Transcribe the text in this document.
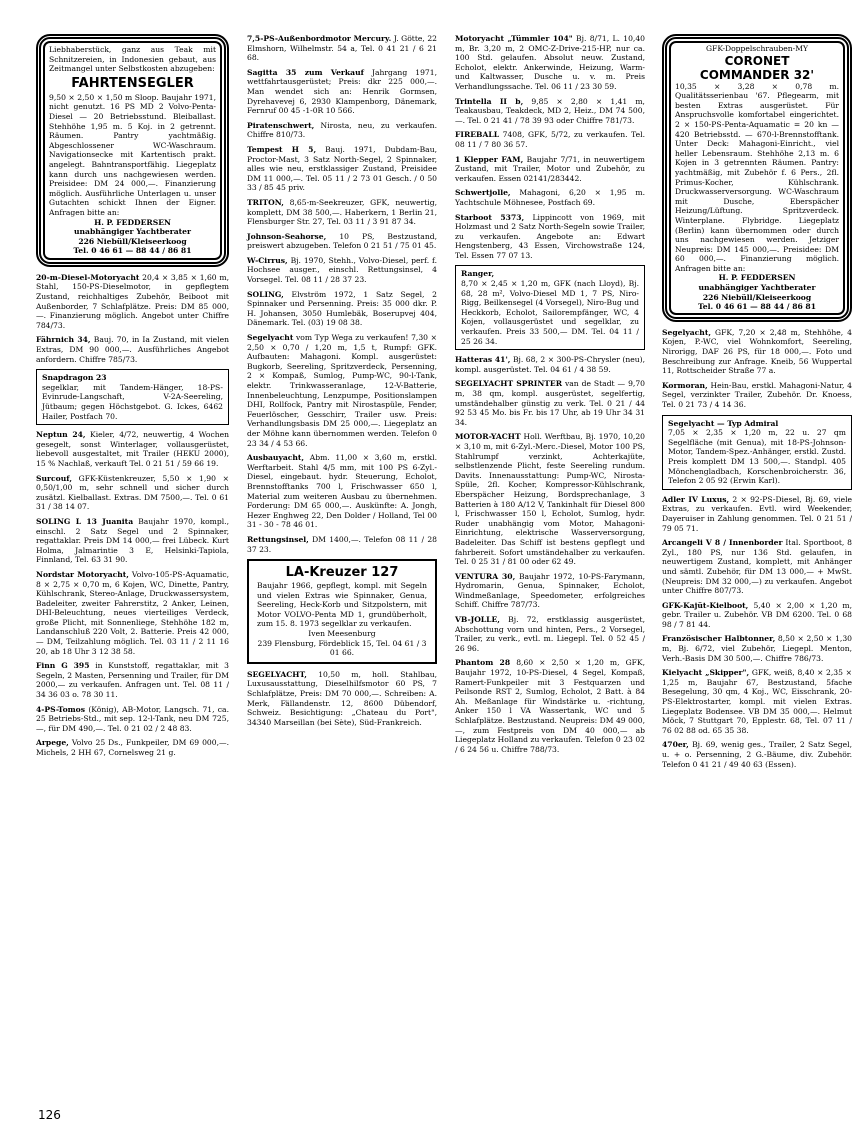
Liebhaberstück, ganz aus Teak mit Schnitzereien, in Indonesien gebaut, aus Zeitmangel unter Selbstkosten abzugeben:
FAHRTENSEGLER
9,50 × 2,50 × 1,50 m Sloop. Baujahr 1971, nicht genutzt. 16 PS MD 2 Volvo-Penta-Diesel — 20 Betriebsstund. Bleiballast. Stehhöhe 1,95 m. 5 Koj. in 2 getrennt. Räumen. Pantry yachtmäßig. Abgeschlossener WC-Waschraum. Navigationsecke mit Kartentisch prakt. angelegt. Bahntransportfähig. Liegeplatz kann durch uns nachgewiesen werden. Preisidee: DM 24 000,—. Finanzierung möglich. Ausführliche Unterlagen u. unser Gutachten schickt Ihnen der Eigner. Anfragen bitte an:
H. P. FEDDERSEN
unabhängiger Yachtberater
226 Niebüll/Kleiseerkoog
Tel. 0 46 61 — 88 44 / 86 81
20-m-Diesel-Motoryacht 20,4 × 3,85 × 1,60 m, Stahl, 150-PS-Dieselmotor, in gepflegtem Zustand, reichhaltiges Zubehör, Beiboot mit Außenborder, 7 Schlafplätze. Preis: DM 85 000,—. Finanzierung möglich. Angebot unter Chiffre 784/73.
Fährnich 34, Bauj. 70, in Ia Zustand, mit vielen Extras, DM 90 000,—. Ausführliches Angebot anfordern. Chiffre 785/73.
Snapdragon 23
segelklar, mit Tandem-Hänger, 18-PS-Evinrude-Langschaft, V-2A-Seereling, Jütbaum; gegen Höchstgebot. G. Ickes, 6462 Hailer, Postfach 70.
Neptun 24, Kieler, 4/72, neuwertig, 4 Wochen gesegelt, sonst Winterlager, vollausgerüstet, liebevoll ausgestaltet, mit Trailer (HEKU 2000), 15 % Nachlaß, verkauft Tel. 0 21 51 / 59 66 19.
Surcouf, GFK-Küstenkreuzer, 5,50 × 1,90 × 0,50/1,00 m, sehr schnell und sicher durch zusätzl. Kielballast. Extras. DM 7500,—. Tel. 0 61 31 / 38 14 07.
SOLING L 13 Juanita Baujahr 1970, kompl., einschl. 2 Satz Segel und 2 Spinnaker, regattaklar. Preis DM 14 000,— frei Lübeck. Kurt Holma, Jalmarintie 3 E, Helsinki-Tapiola, Finnland, Tel. 63 31 90.
Nordstar Motoryacht, Volvo-105-PS-Aquamatic, 8 × 2,75 × 0,70 m, 6 Kojen, WC, Dinette, Pantry, Kühlschrank, Stereo-Anlage, Druckwassersystem, Badeleiter, zweiter Fahrerstitz, 2 Anker, Leinen, DHI-Beleuchtung, neues vierteiliges Verdeck, große Plicht, mit Sonnenliege, Stehhöhe 182 m, Landanschluß 220 Volt, 2. Batterie. Preis 42 000,— DM, Teilzahlung möglich. Tel. 03 11 / 2 11 16 20, ab 18 Uhr 3 12 38 58.
Finn G 395 in Kunststoff, regattaklar, mit 3 Segeln, 2 Masten, Persenning und Trailer, für DM 2000,— zu verkaufen. Anfragen unt. Tel. 08 11 / 34 36 03 o. 78 30 11.
4-PS-Tomos (König), AB-Motor, Langsch. 71, ca. 25 Betriebs-Std., mit sep. 12-l-Tank, neu DM 725,—, für DM 490,—. Tel. 0 21 02 / 2 48 83.
Arpege, Volvo 25 Ds., Funkpeiler, DM 69 000,—. Michels, 2 HH 67, Cornelsweg 21 g.
7,5-PS-Außenbordmotor Mercury. J. Götte, 22 Elmshorn, Wilhelmstr. 54 a, Tel. 0 41 21 / 6 21 68.
Sagitta 35 zum Verkauf Jahrgang 1971, wettfahrtausgerüstet; Preis: dkr 225 000,—. Man wendet sich an: Henrik Gormsen, Dyrehavevej 6, 2930 Klampenborg, Dänemark, Fernruf 00 45 -1-0R 10 566.
Piratenschwert, Nirosta, neu, zu verkaufen. Chiffre 810/73.
Tempest H 5, Bauj. 1971, Dubdam-Bau, Proctor-Mast, 3 Satz North-Segel, 2 Spinnaker, alles wie neu, erstklassiger Zustand, Preisidee DM 11 000,—. Tel. 05 11 / 2 73 01 Gesch. / 0 50 33 / 85 45 priv.
TRITON, 8,65-m-Seekreuzer, GFK, neuwertig, komplett, DM 38 500,—. Haberkern, 1 Berlin 21, Flensburger Str. 27, Tel. 03 11 / 3 91 87 34.
Johnson-Seahorse, 10 PS, Bestzustand, preiswert abzugeben. Telefon 0 21 51 / 75 01 45.
W-Cirrus, Bj. 1970, Stehh., Volvo-Diesel, perf. f. Hochsee ausger., einschl. Rettungsinsel, 4 Vorsegel. Tel. 08 11 / 28 37 23.
SOLING, Elvström 1972, 1 Satz Segel, 2 Spinnaker und Persenning. Preis: 35 000 dkr. P. H. Johansen, 3050 Humlebäk, Boserupvej 404, Dänemark. Tel. (03) 19 08 38.
Segelyacht vom Typ Wega zu verkaufen! 7,30 × 2,50 × 0,70 / 1,20 m, 1,5 t, Rumpf: GFK. Aufbauten: Mahagoni. Kompl. ausgerüstet: Bugkorb, Seereling, Spritzverdeck, Persenning, 2 × Kompaß, Sumlog, Pump-WC, 90-l-Tank, elektr. Trinkwasseranlage, 12-V-Batterie, Innenbeleuchtung, Lenzpumpe, Positionslampen DHI, Rollfock, Pantry mit Nirostaspüle, Fender, Feuerlöscher, Gesschirr, Trailer usw. Preis: Verhandlungsbasis DM 25 000,—. Liegeplatz an der Möhne kann übernommen werden. Telefon 0 23 34 / 4 53 66.
Ausbauyacht, Abm. 11,00 × 3,60 m, erstkl. Werftarbeit. Stahl 4/5 mm, mit 100 PS 6-Zyl.-Diesel, eingebaut. hydr. Steuerung, Echolot, Brennstofftanks 700 l, Frischwasser 650 l, Material zum weiteren Ausbau zu übernehmen. Forderung: DM 65 000,—. Auskünfte: A. Jongh, Hezer Enghweg 22, Den Dolder / Holland, Tel 00 31 - 30 - 78 46 01.
Rettungsinsel, DM 1400,—. Telefon 08 11 / 28 37 23.
LA-Kreuzer 127
Baujahr 1966, gepflegt, kompl. mit Segeln und vielen Extras wie Spinnaker, Genua, Seereling, Heck-Korb und Sitzpolstern, mit Motor VOLVO-Penta MD 1, grundüberholt, zum 15. 8. 1973 segelklar zu verkaufen.
Iven Meesenburg
239 Flensburg, Fördeblick 15, Tel. 04 61 / 3 01 66.
SEGELYACHT, 10,50 m, holl. Stahlbau, Luxusausstattung, Dieselhilfsmotor 60 PS, 7 Schlafplätze, Preis: DM 70 000,—. Schreiben: A. Merk, Fällandenstr. 12, 8600 Dübendorf, Schweiz. Besichtigung: „Chateau du Port", 34340 Marseillan (bei Sète), Süd-Frankreich.
Motoryacht „Tümmler 104" Bj. 8/71, L. 10,40 m, Br. 3,20 m, 2 OMC-Z-Drive-215-HP, nur ca. 100 Std. gelaufen. Absolut neuw. Zustand, Echolot, elektr. Ankerwinde, Heizung, Warm- und Kaltwasser, Dusche u. v. m. Preis Verhandlungssache. Tel. 06 11 / 23 30 59.
Trintella II b, 9,85 × 2,80 × 1,41 m, Teakausbau, Teakdeck, MD 2, Heiz., DM 74 500,—. Tel. 0 21 41 / 78 39 93 oder Chiffre 781/73.
FIREBALL 7408, GFK, 5/72, zu verkaufen. Tel. 08 11 / 7 80 36 57.
1 Klepper FAM, Baujahr 7/71, in neuwertigem Zustand, mit Trailer, Motor und Zubehör, zu verkaufen. Essen 02141/283442.
Schwertjolle, Mahagoni, 6,20 × 1,95 m. Yachtschule Möhnesee, Postfach 69.
Starboot 5373, Lippincott von 1969, mit Holzmast und 2 Satz North-Segeln sowie Trailer, zu verkaufen. Angebote an: Edwart Hengstenberg, 43 Essen, Virchowstraße 124, Tel. Essen 77 07 13.
Ranger,
8,70 × 2,45 × 1,20 m, GFK (nach Lloyd), Bj. 68, 28 m², Volvo-Diesel MD 1, 7 PS, Niro-Rigg, Beilkensegel (4 Vorsegel), Niro-Bug und Heckkorb, Echolot, Sailorempfänger, WC, 4 Kojen, vollausgerüstet und segelklar, zu verkaufen. Preis 33 500,— DM. Tel. 04 11 / 25 26 34.
Hatteras 41', Bj. 68, 2 × 300-PS-Chrysler (neu), kompl. ausgerüstet. Tel. 04 61 / 4 38 59.
SEGELYACHT SPRINTER van de Stadt — 9,70 m, 38 qm, kompl. ausgerüstet, segelfertig, umständehalber günstig zu verk. Tel. 0 21 / 44 92 53 45 Mo. bis Fr. bis 17 Uhr, ab 19 Uhr 34 31 34.
MOTOR-YACHT Holl. Werftbau, Bj. 1970, 10,20 × 3,10 m, mit 6-Zyl.-Merc.-Diesel, Motor 100 PS, Stahlrumpf verzinkt, Achterkajüte, selbstlenzende Plicht, feste Seereling rundum. Davits. Innenausstattung: Pump-WC, Nirosta-Spüle, 2fl. Kocher, Kompressor-Kühlschrank, Eberspächer Heizung, Bordsprechanlage, 3 Batterien à 180 A/12 V, Tankinhalt für Diesel 800 l, Frischwasser 150 l, Echolot, Sumlog, hydr. Ruder unabhängig vom Motor, Mahagoni-Einrichtung, elektrische Wasserversorgung, Badeleiter. Das Schiff ist bestens gepflegt und fahrbereit. Sofort umständehalber zu verkaufen. Tel. 0 25 31 / 81 00 oder 62 49.
VENTURA 30, Baujahr 1972, 10-PS-Farymann, Hydromarin, Genua, Spinnaker, Echolot, Windmeßanlage, Speedometer, erfolgreiches Schiff. Chiffre 787/73.
VB-JOLLE, Bj. 72, erstklassig ausgerüstet, Abschottung vorn und hinten, Pers., 2 Vorsegel, Trailer, zu verk., evtl. m. Liegepl. Tel. 0 52 45 / 26 96.
Phantom 28 8,60 × 2,50 × 1,20 m, GFK, Baujahr 1972, 10-PS-Diesel, 4 Segel, Kompaß, Ramert-Funkpeiler mit 3 Festquarzen und Peilsonde RST 2, Sumlog, Echolot, 2 Batt. à 84 Ah. Meßanlage für Windstärke u. -richtung, Anker 150 l VA Wassertank, WC und 5 Schlafplätze. Bestzustand. Neupreis: DM 49 000,—, zum Festpreis von DM 40 000,— ab Liegeplatz Holland zu verkaufen. Telefon 0 23 02 / 6 24 56 u. Chiffre 788/73.
GFK-Doppelschrauben-MY
CORONET
COMMANDER 32'
10,35 × 3,28 × 0,78 m. Qualitätsserienbau '67. Pflegearm, mit besten Extras ausgerüstet. Für Anspruchsvolle komfortabel eingerichtet. 2 × 150-PS-Penta-Aquamatic = 20 kn — 420 Betriebsstd. — 670-l-Brennstofftank. Unter Deck: Mahagoni-Einricht., viel heller Lebensraum. Stehhöhe 2,13 m. 6 Kojen in 3 getrennten Räumen. Pantry: yachtmäßig, mit Zubehör f. 6 Pers., 2fl. Primus-Kocher, Kühlschrank. Druckwasserversorgung. WC-Waschraum mit Dusche, Eberspächer Heizung/Lüftung. Spritzverdeck. Winterplane. Flybridge. Liegeplatz (Berlin) kann übernommen oder durch uns nachgewiesen werden. Jetziger Neupreis: DM 145 000,—. Preisidee: DM 60 000,—. Finanzierung möglich. Anfragen bitte an:
H. P. FEDDERSEN
unabhängiger Yachtberater
226 Niebüll/Kleiseerkoog
Tel. 0 46 61 — 88 44 / 86 81
Segelyacht, GFK, 7,20 × 2,48 m, Stehhöhe, 4 Kojen, P.-WC, viel Wohnkomfort, Seereling, Nirorigg, DAF 26 PS, für 18 000,—. Foto und Beschreibung zur Anfrage. Kneib, 56 Wuppertal 11, Rottscheider Straße 77 a.
Kormoran, Hein-Bau, erstkl. Mahagoni-Natur, 4 Segel, verzinkter Trailer, Zubehör. Dr. Knoess, Tel. 0 21 73 / 4 14 36.
Segelyacht — Typ Admiral
7,05 × 2,35 × 1,20 m, 22 u. 27 qm Segelfläche (mit Genua), mit 18-PS-Johnson-Motor, Tandem-Spez.-Anhänger, erstkl. Zustd. Preis komplett DM 13 500,—. Standpl. 405 Mönchengladbach, Korschenbroicherstr. 36, Telefon 2 05 92 (Erwin Karl).
Adler IV Luxus, 2 × 92-PS-Diesel, Bj. 69, viele Extras, zu verkaufen. Evtl. wird Weekender, Dayeruiser in Zahlung genommen. Tel. 0 21 51 / 79 05 71.
Arcangeli V 8 / Innenborder Ital. Sportboot, 8 Zyl., 180 PS, nur 136 Std. gelaufen, in neuwertigem Zustand, komplett, mit Anhänger und sämtl. Zubehör, für DM 13 000,— + MwSt. (Neupreis: DM 32 000,—) zu verkaufen. Angebot unter Chiffre 807/73.
GFK-Kajüt-Kielboot, 5,40 × 2,00 × 1,20 m, gebr. Trailer u. Zubehör. VB DM 6200. Tel. 0 68 98 / 7 81 44.
Französischer Halbtonner, 8,50 × 2,50 × 1,30 m, Bj. 6/72, viel Zubehör, Liegepl. Menton, Verh.-Basis DM 30 500,—. Chiffre 786/73.
Kielyacht „Skipper", GFK, weiß, 8,40 × 2,35 × 1,25 m, Baujahr 67, Bestzustand, 5fache Besegelung, 30 qm, 4 Koj., WC, Eisschrank, 20-PS-Elektrostarter, kompl. mit vielen Extras. Liegeplatz Bodensee. VB DM 35 000,—. Helmut Möck, 7 Stuttgart 70, Epplestr. 68, Tel. 07 11 / 76 02 88 od. 65 35 38.
470er, Bj. 69, wenig ges., Trailer, 2 Satz Segel, u. + o. Persenning, 2 G.-Bäume, div. Zubehör. Telefon 0 41 21 / 49 40 63 (Essen).
126
